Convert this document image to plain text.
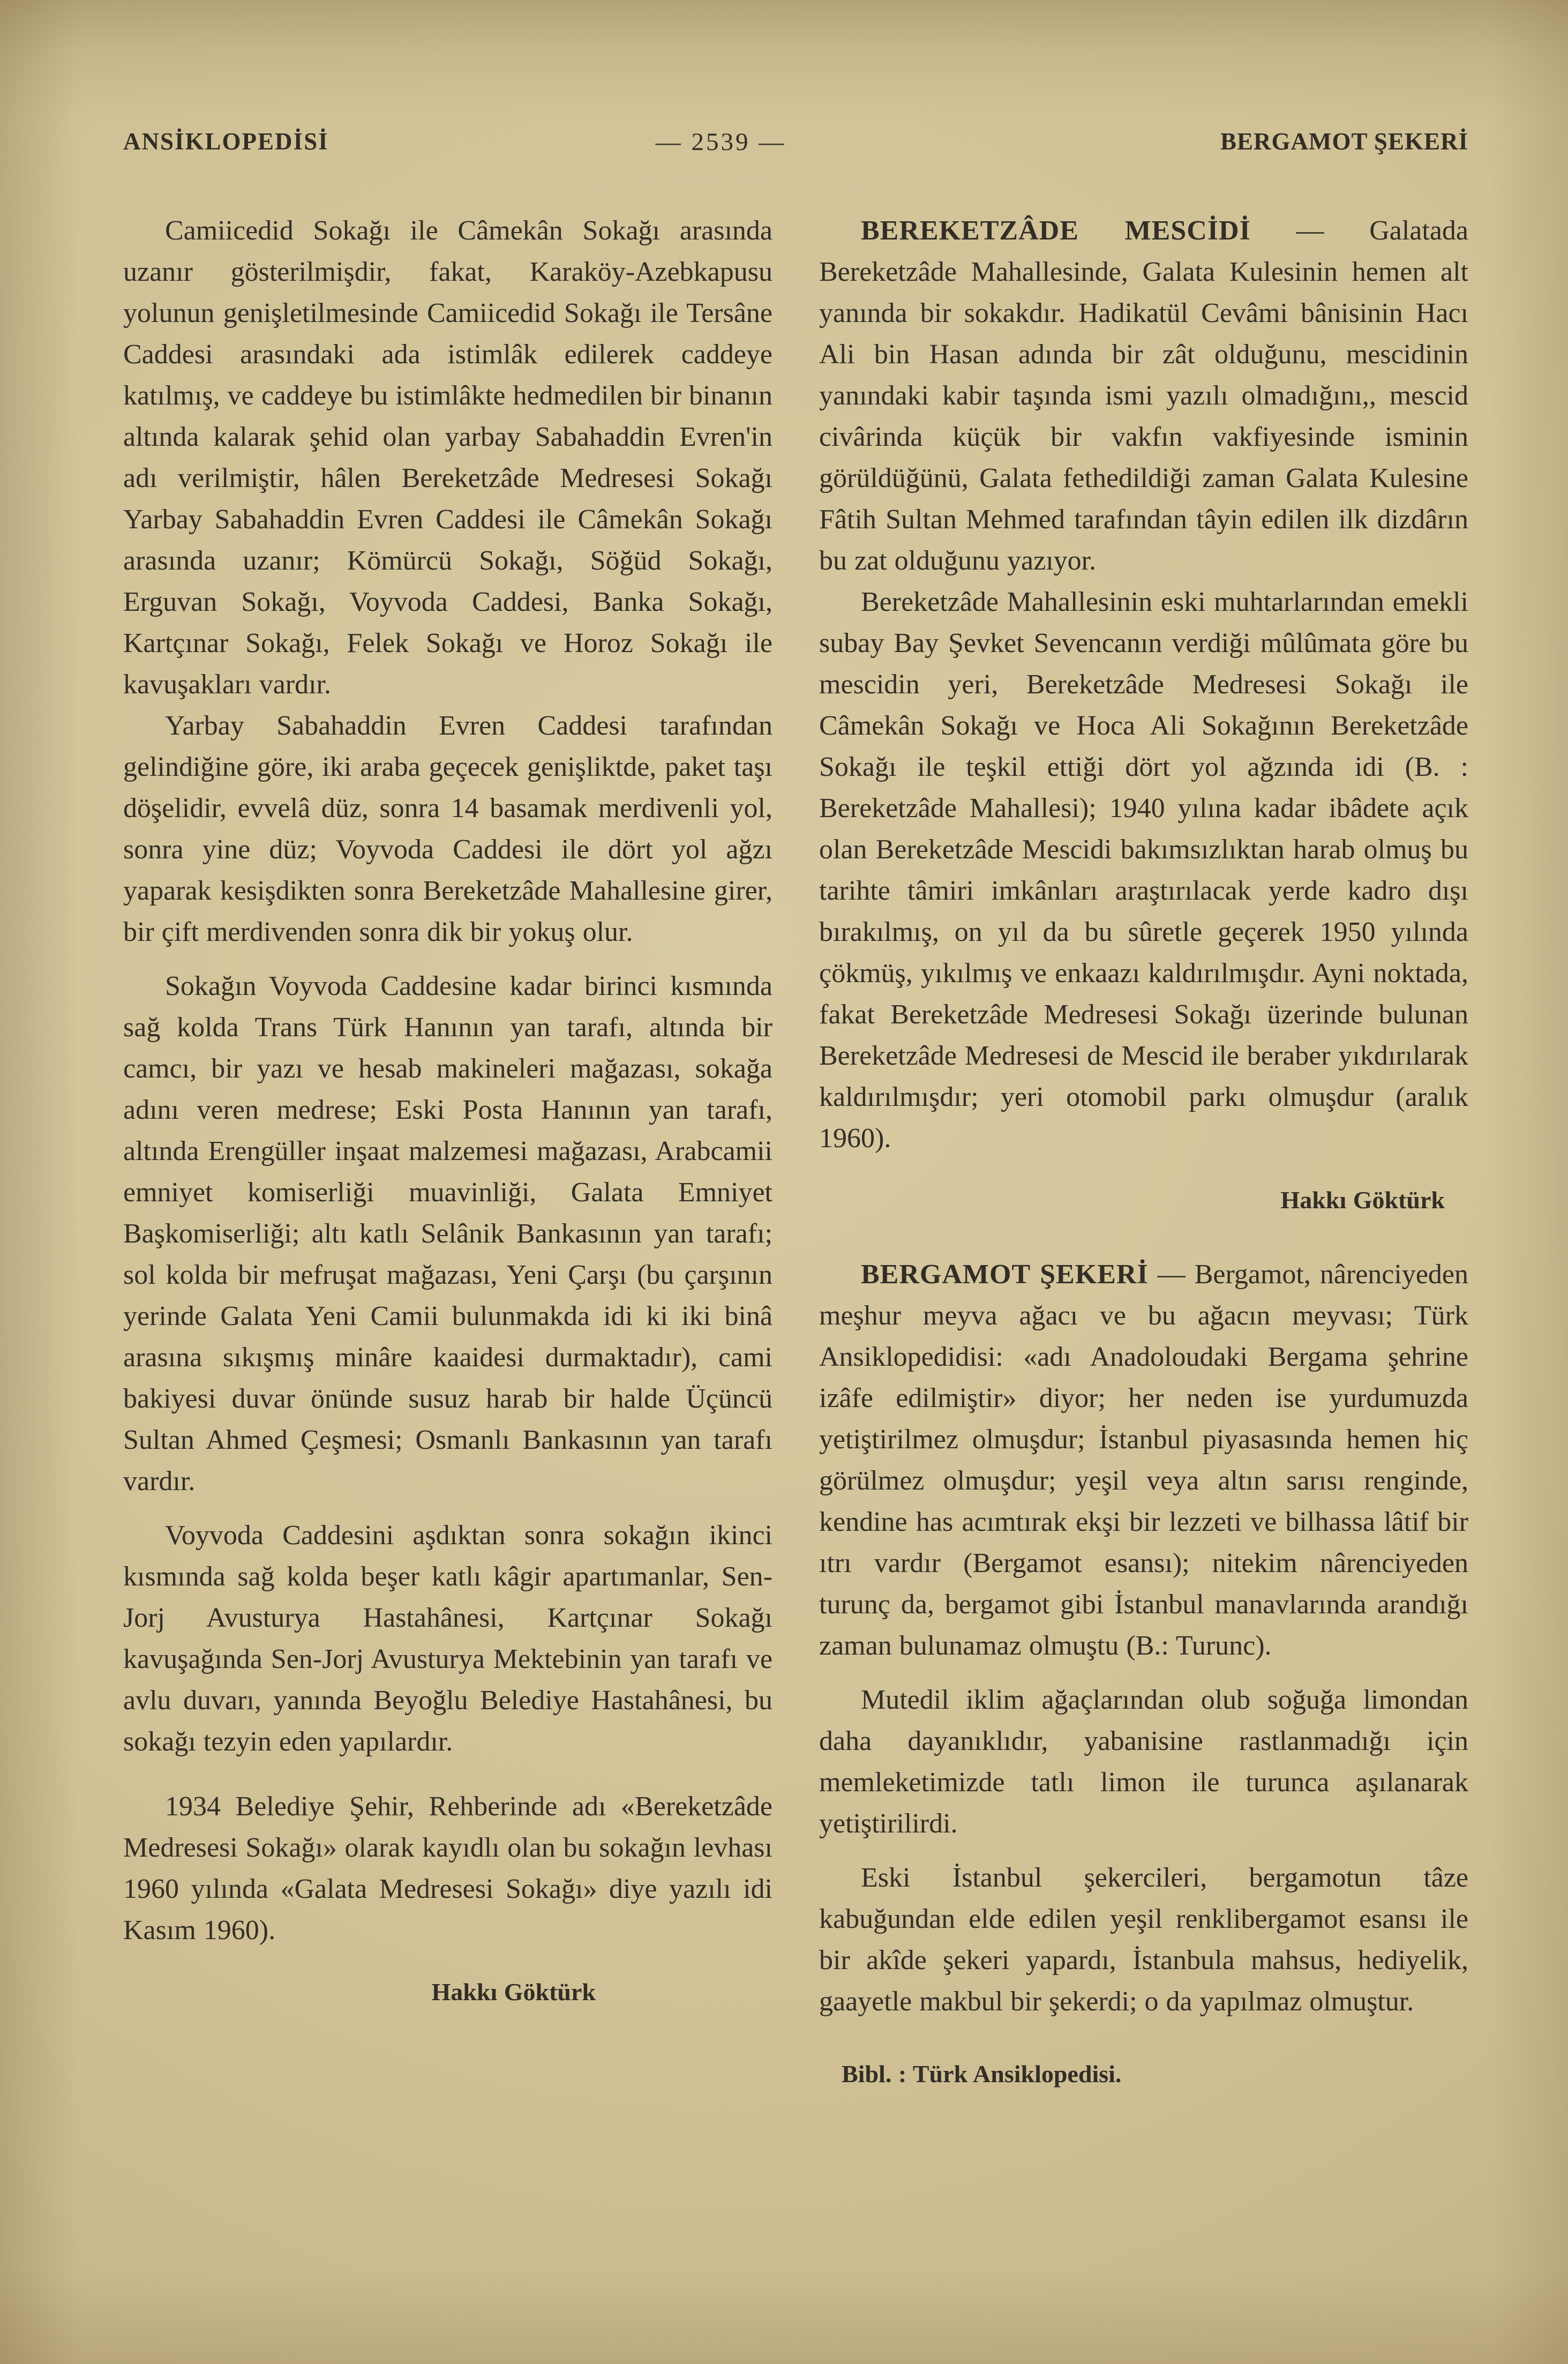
ANSİKLOPEDİSİ	— 2539 —	BERGAMOT ŞEKERİ

Camiicedid Sokağı ile Câmekân Sokağı arasında uzanır gösterilmişdir, fakat, Karaköy-Azebkapusu yolunun genişletilmesinde Camiicedid Sokağı ile Tersâne Caddesi arasındaki ada istimlâk edilerek caddeye katılmış, ve caddeye bu istimlâkte hedmedilen bir binanın altında kalarak şehid olan yarbay Sabahaddin Evren'in adı verilmiştir, hâlen Bereketzâde Medresesi Sokağı Yarbay Sabahaddin Evren Caddesi ile Câmekân Sokağı arasında uzanır; Kömürcü Sokağı, Söğüd Sokağı, Erguvan Sokağı, Voyvoda Caddesi, Banka Sokağı, Kartçınar Sokağı, Felek Sokağı ve Horoz Sokağı ile kavuşakları vardır.

Yarbay Sabahaddin Evren Caddesi tarafından gelindiğine göre, iki araba geçecek genişliktde, paket taşı döşelidir, evvelâ düz, sonra 14 basamak merdivenli yol, sonra yine düz; Voyvoda Caddesi ile dört yol ağzı yaparak kesişdikten sonra Bereketzâde Mahallesine girer, bir çift merdivenden sonra dik bir yokuş olur.

Sokağın Voyvoda Caddesine kadar birinci kısmında sağ kolda Trans Türk Hanının yan tarafı, altında bir camcı, bir yazı ve hesab makineleri mağazası, sokağa adını veren medrese; Eski Posta Hanının yan tarafı, altında Erengüller inşaat malzemesi mağazası, Arabcamii emniyet komiserliği muavinliği, Galata Emniyet Başkomiserliği; altı katlı Selânik Bankasının yan tarafı; sol kolda bir mefruşat mağazası, Yeni Çarşı (bu çarşının yerinde Galata Yeni Camii bulunmakda idi ki iki binâ arasına sıkışmış minâre kaaidesi durmaktadır), cami bakiyesi duvar önünde susuz harab bir halde Üçüncü Sultan Ahmed Çeşmesi; Osmanlı Bankasının yan tarafı vardır.

Voyvoda Caddesini aşdıktan sonra sokağın ikinci kısmında sağ kolda beşer katlı kâgir apartımanlar, Sen-Jorj Avusturya Hastahânesi, Kartçınar Sokağı kavuşağında Sen-Jorj Avusturya Mektebinin yan tarafı ve avlu duvarı, yanında Beyoğlu Belediye Hastahânesi, bu sokağı tezyin eden yapılardır.

1934 Belediye Şehir, Rehberinde adı «Bereketzâde Medresesi Sokağı» olarak kayıdlı olan bu sokağın levhası 1960 yılında «Galata Medresesi Sokağı» diye yazılı idi Kasım 1960).

Hakkı Göktürk

BEREKETZÂDE MESCİDİ — Galatada Bereketzâde Mahallesinde, Galata Kulesinin hemen alt yanında bir sokakdır. Hadikatül Cevâmi bânisinin Hacı Ali bin Hasan adında bir zât olduğunu, mescidinin yanındaki kabir taşında ismi yazılı olmadığını,, mescid civârinda küçük bir vakfın vakfiyesinde isminin görüldüğünü, Galata fethedildiği zaman Galata Kulesine Fâtih Sultan Mehmed tarafından tâyin edilen ilk dizdârın bu zat olduğunu yazıyor.

Bereketzâde Mahallesinin eski muhtarlarından emekli subay Bay Şevket Sevencanın verdiği mûlûmata göre bu mescidin yeri, Bereketzâde Medresesi Sokağı ile Câmekân Sokağı ve Hoca Ali Sokağının Bereketzâde Sokağı ile teşkil ettiği dört yol ağzında idi (B. : Bereketzâde Mahallesi); 1940 yılına kadar ibâdete açık olan Bereketzâde Mescidi bakımsızlıktan harab olmuş bu tarihte tâmiri imkânları araştırılacak yerde kadro dışı bırakılmış, on yıl da bu sûretle geçerek 1950 yılında çökmüş, yıkılmış ve enkaazı kaldırılmışdır. Ayni noktada, fakat Bereketzâde Medresesi Sokağı üzerinde bulunan Bereketzâde Medresesi de Mescid ile beraber yıkdırılarak kaldırılmışdır; yeri otomobil parkı olmuşdur (aralık 1960).

Hakkı Göktürk

BERGAMOT ŞEKERİ — Bergamot, nârenciyeden meşhur meyva ağacı ve bu ağacın meyvası; Türk Ansiklopedidisi: «adı Anadoloudaki Bergama şehrine izâfe edilmiştir» diyor; her neden ise yurdumuzda yetiştirilmez olmuşdur; İstanbul piyasasında hemen hiç görülmez olmuşdur; yeşil veya altın sarısı renginde, kendine has acımtırak ekşi bir lezzeti ve bilhassa lâtif bir ıtrı vardır (Bergamot esansı); nitekim nârenciyeden turunç da, bergamot gibi İstanbul manavlarında arandığı zaman bulunamaz olmuştu (B.: Turunc).

Mutedil iklim ağaçlarından olub soğuğa limondan daha dayanıklıdır, yabanisine rastlanmadığı için memleketimizde tatlı limon ile turunca aşılanarak yetiştirilirdi.

Eski İstanbul şekercileri, bergamotun tâze kabuğundan elde edilen yeşil renklibergamot esansı ile bir akîde şekeri yapardı, İstanbula mahsus, hediyelik, gaayetle makbul bir şekerdi; o da yapılmaz olmuştur.

Bibl. : Türk Ansiklopedisi.
